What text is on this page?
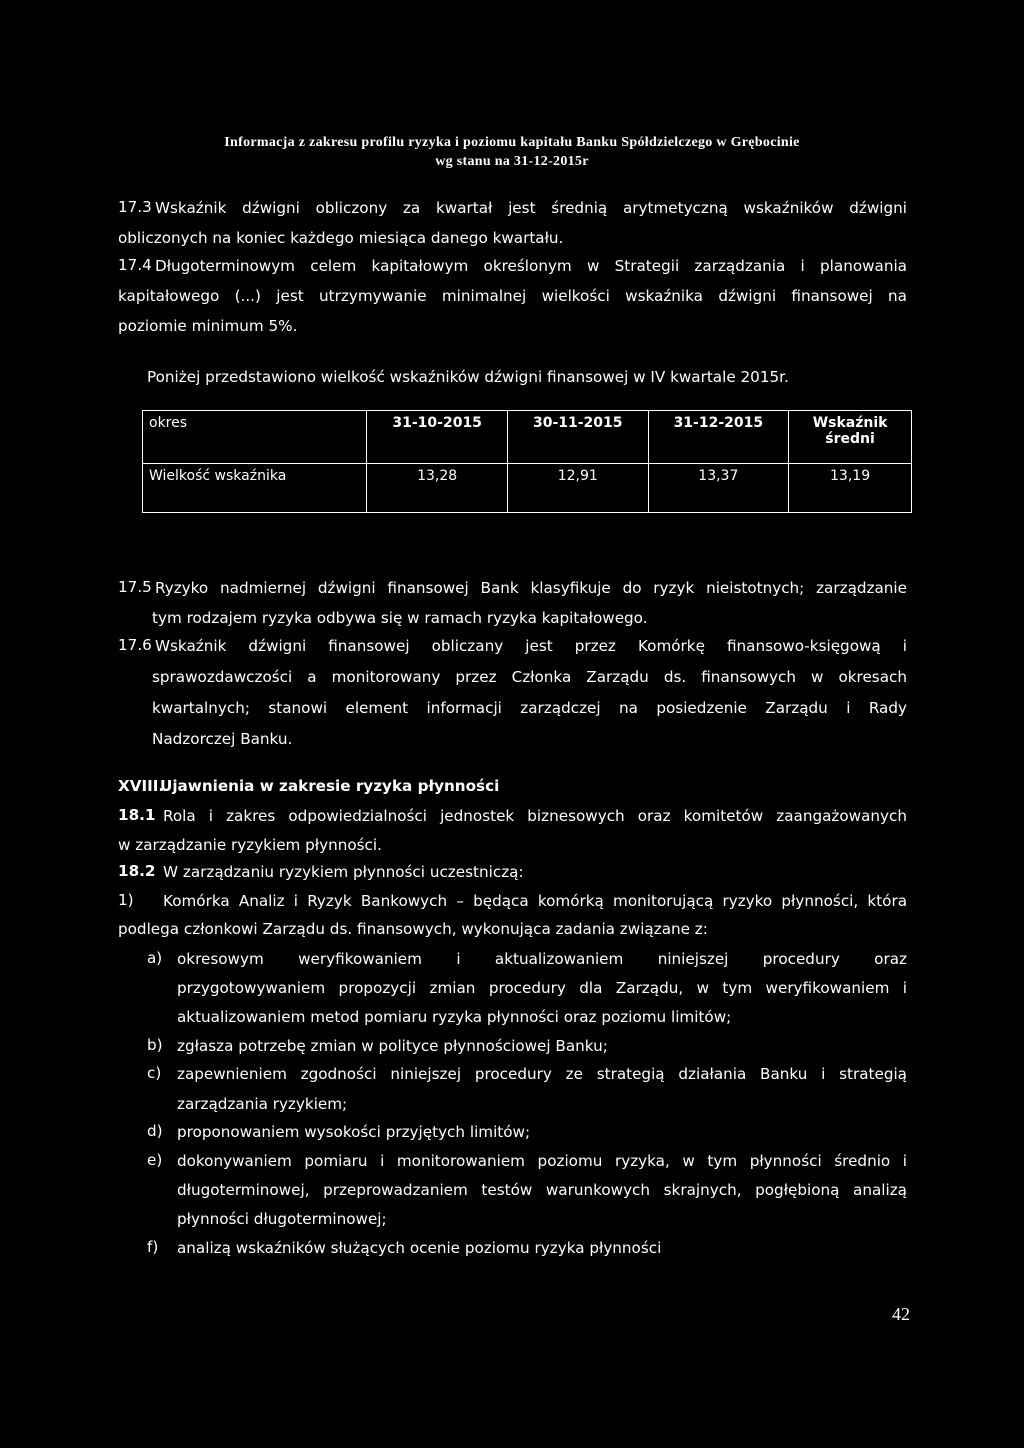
Informacja z zakresu profilu ryzyka i poziomu kapitału Banku Spółdzielczego w Grębocinie
wg stanu na 31-12-2015r
17.3 Wskaźnik dźwigni obliczony za kwartał jest średnią arytmetyczną wskaźników dźwigni
obliczonych na koniec każdego miesiąca danego kwartału.
17.4 Długoterminowym celem kapitałowym określonym w Strategii zarządzania i planowania
kapitałowego (...) jest utrzymywanie minimalnej wielkości wskaźnika dźwigni finansowej na
poziomie minimum 5%.
Poniżej przedstawiono wielkość wskaźników dźwigni finansowej w IV kwartale 2015r.
okres	31-10-2015	30-11-2015	31-12-2015	Wskaźnik średni
Wielkość wskaźnika	13,28	12,91	13,37	13,19
17.5 Ryzyko nadmiernej dźwigni finansowej Bank klasyfikuje do ryzyk nieistotnych; zarządzanie
tym rodzajem ryzyka odbywa się w ramach ryzyka kapitałowego.
17.6 Wskaźnik dźwigni finansowej obliczany jest przez Komórkę finansowo-księgową i
sprawozdawczości a monitorowany przez Członka Zarządu ds. finansowych w okresach
kwartalnych; stanowi element informacji zarządczej na posiedzenie Zarządu i Rady
Nadzorczej Banku.
XVIII.
Ujawnienia w zakresie ryzyka płynności
18.1 Rola i zakres odpowiedzialności jednostek biznesowych oraz komitetów zaangażowanych
w zarządzanie ryzykiem płynności.
18.2 W zarządzaniu ryzykiem płynności uczestniczą:
1) Komórka Analiz i Ryzyk Bankowych – będąca komórką monitorującą ryzyko płynności, która
podlega członkowi Zarządu ds. finansowych, wykonująca zadania związane z:
a) okresowym weryfikowaniem i aktualizowaniem niniejszej procedury oraz
przygotowywaniem propozycji zmian procedury dla Zarządu, w tym weryfikowaniem i
aktualizowaniem metod pomiaru ryzyka płynności oraz poziomu limitów;
b) zgłasza potrzebę zmian w polityce płynnościowej Banku;
c) zapewnieniem zgodności niniejszej procedury ze strategią działania Banku i strategią
zarządzania ryzykiem;
d) proponowaniem wysokości przyjętych limitów;
e) dokonywaniem pomiaru i monitorowaniem poziomu ryzyka, w tym płynności średnio i
długoterminowej, przeprowadzaniem testów warunkowych skrajnych, pogłębioną analizą
płynności długoterminowej;
f) analizą wskaźników służących ocenie poziomu ryzyka płynności
42
